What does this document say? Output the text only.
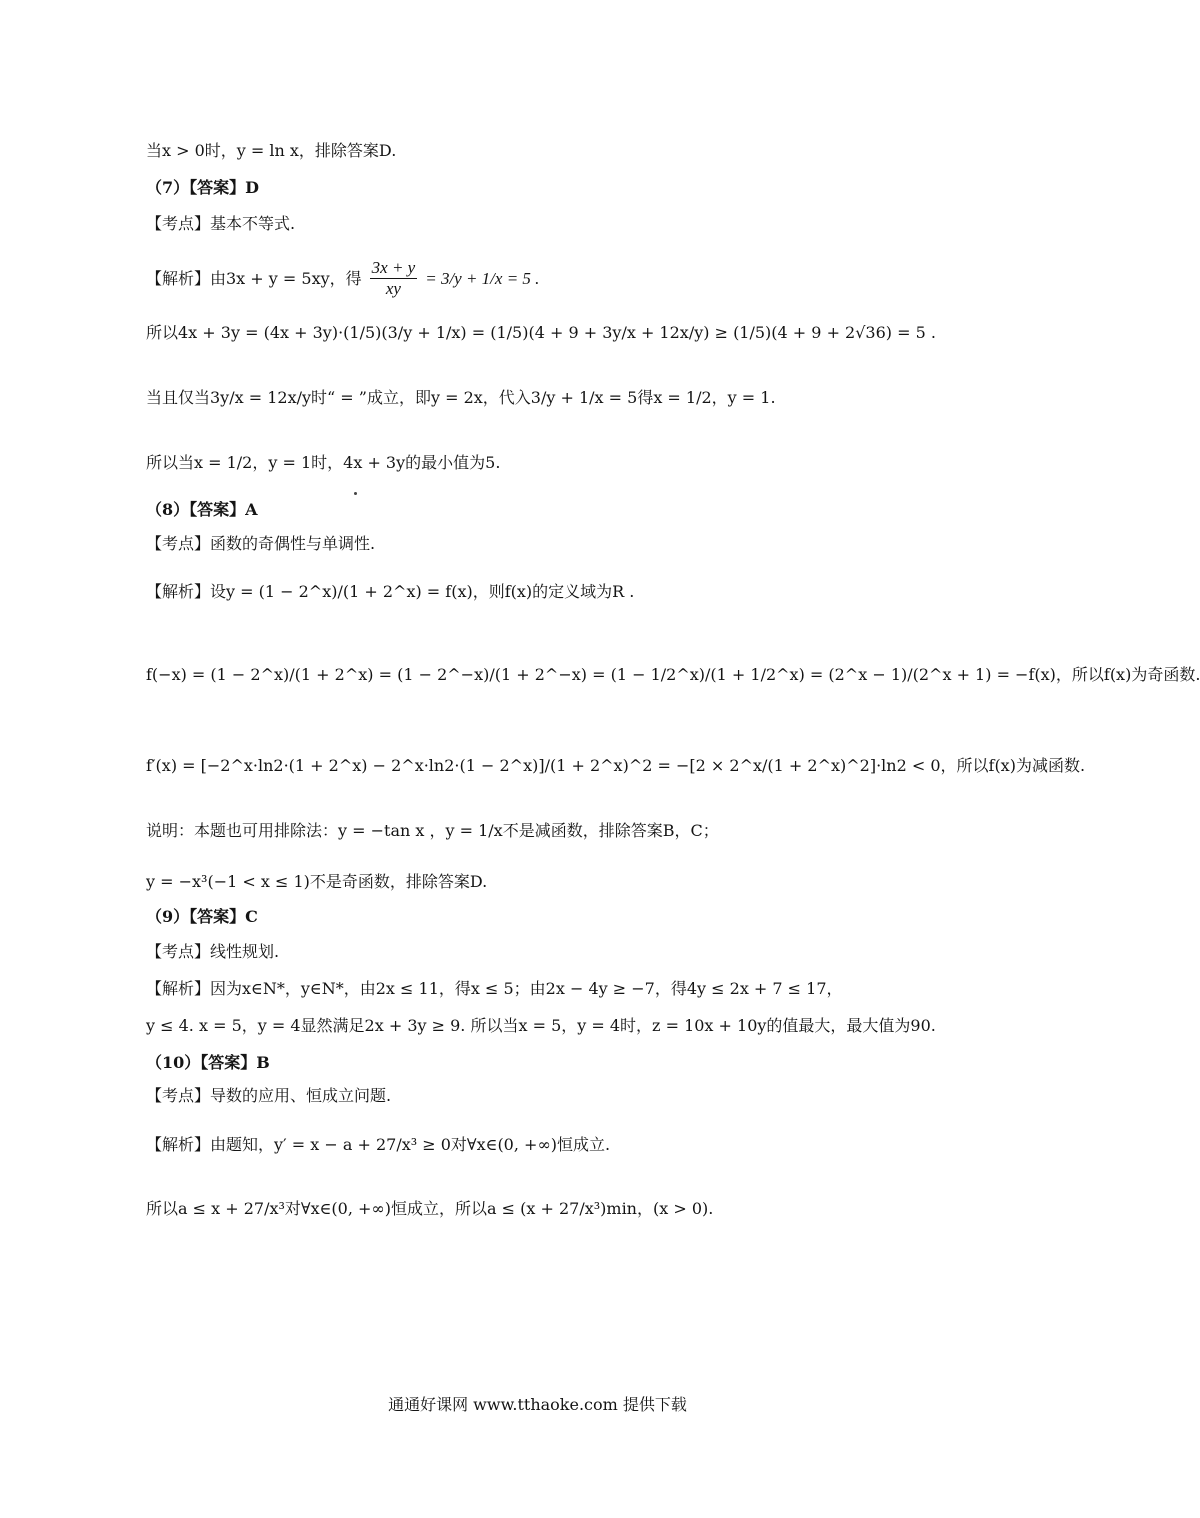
当x > 0时，y = ln x，排除答案D.
（7）【答案】D
【考点】基本不等式.
【解析】由3x + y = 5xy，得 $\frac{3x + y}{xy} = 3/y + 1/x = 5$ .
所以4x + 3y = (4x + 3y)·(1/5)(3/y + 1/x) = (1/5)(4 + 9 + 3y/x + 12x/y) ≥ (1/5)(4 + 9 + 2√36) = 5 .
当且仅当3y/x = 12x/y时“ = ”成立，即y = 2x，代入3/y + 1/x = 5得x = 1/2，y = 1.
所以当x = 1/2，y = 1时，4x + 3y的最小值为5.
（8）【答案】A
【考点】函数的奇偶性与单调性.
【解析】设y = (1 − 2^x)/(1 + 2^x) = f(x)，则f(x)的定义域为R .
f(−x) = (1 − 2^x)/(1 + 2^x) = (1 − 2^−x)/(1 + 2^−x) = (1 − 1/2^x)/(1 + 1/2^x) = (2^x − 1)/(2^x + 1) = −f(x)，所以f(x)为奇函数.
f′(x) = [−2^x·ln2·(1 + 2^x) − 2^x·ln2·(1 − 2^x)]/(1 + 2^x)^2 = −[2 × 2^x/(1 + 2^x)^2]·ln2 < 0，所以f(x)为减函数.
说明：本题也可用排除法：y = −tan x ，y = 1/x不是减函数，排除答案B，C；
y = −x³(−1 < x ≤ 1)不是奇函数，排除答案D.
（9）【答案】C
【考点】线性规划.
【解析】因为x∈N*，y∈N*，由2x ≤ 11，得x ≤ 5；由2x − 4y ≥ −7，得4y ≤ 2x + 7 ≤ 17，
y ≤ 4. x = 5，y = 4显然满足2x + 3y ≥ 9. 所以当x = 5，y = 4时，z = 10x + 10y的值最大，最大值为90.
（10）【答案】B
【考点】导数的应用、恒成立问题.
【解析】由题知，y′ = x − a + 27/x³ ≥ 0对∀x∈(0, +∞)恒成立.
所以a ≤ x + 27/x³对∀x∈(0, +∞)恒成立，所以a ≤ (x + 27/x³)min，(x > 0).
通通好课网 www.tthaoke.com 提供下载
